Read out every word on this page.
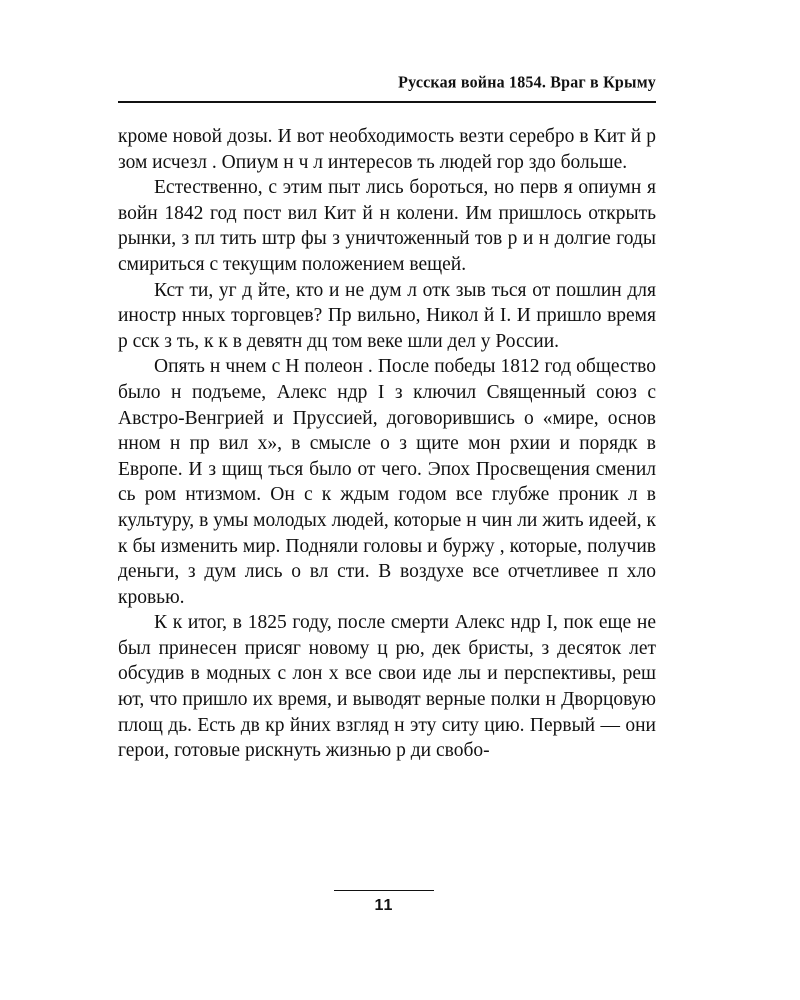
Русская война 1854. Враг в Крыму

кроме новой дозы. И вот необходимость везти серебро в Кит й р зом исчезл . Опиум н ч л интересов ть людей гор здо больше.

Естественно, с этим пыт лись бороться, но перв я опиумн я войн 1842 год пост вил Кит й н колени. Им пришлось открыть рынки, з пл тить штр фы з уничтоженный тов р и н долгие годы смириться с текущим положением вещей.

Кст ти, уг д йте, кто и не дум л отк зыв ться от пошлин для иностр нных торговцев? Пр вильно, Никол й I. И пришло время р сск з ть, к к в девятн дц том веке шли дел у России.

Опять н чнем с Н полеон . После победы 1812 год общество было н подъеме, Алекс ндр I з ключил Священный союз с Австро-Венгрией и Пруссией, договорившись о «мире, основ нном н пр вил х», в смысле о з щите мон рхии и порядк в Европе. И з щищ ться было от чего. Эпох Просвещения сменил сь ром нтизмом. Он с к ждым годом все глубже проник л в культуру, в умы молодых людей, которые н чин ли жить идеей, к к бы изменить мир. Подняли головы и буржу , которые, получив деньги, з дум лись о вл сти. В воздухе все отчетливее п хло кровью.

К к итог, в 1825 году, после смерти Алекс ндр I, пок еще не был принесен присяг новому ц рю, дек бристы, з десяток лет обсудив в модных с лон х все свои иде лы и перспективы, реш ют, что пришло их время, и выводят верные полки н Дворцовую площ дь. Есть дв кр йних взгляд н эту ситу цию. Первый — они герои, готовые рискнуть жизнью р ди свобо-

11
